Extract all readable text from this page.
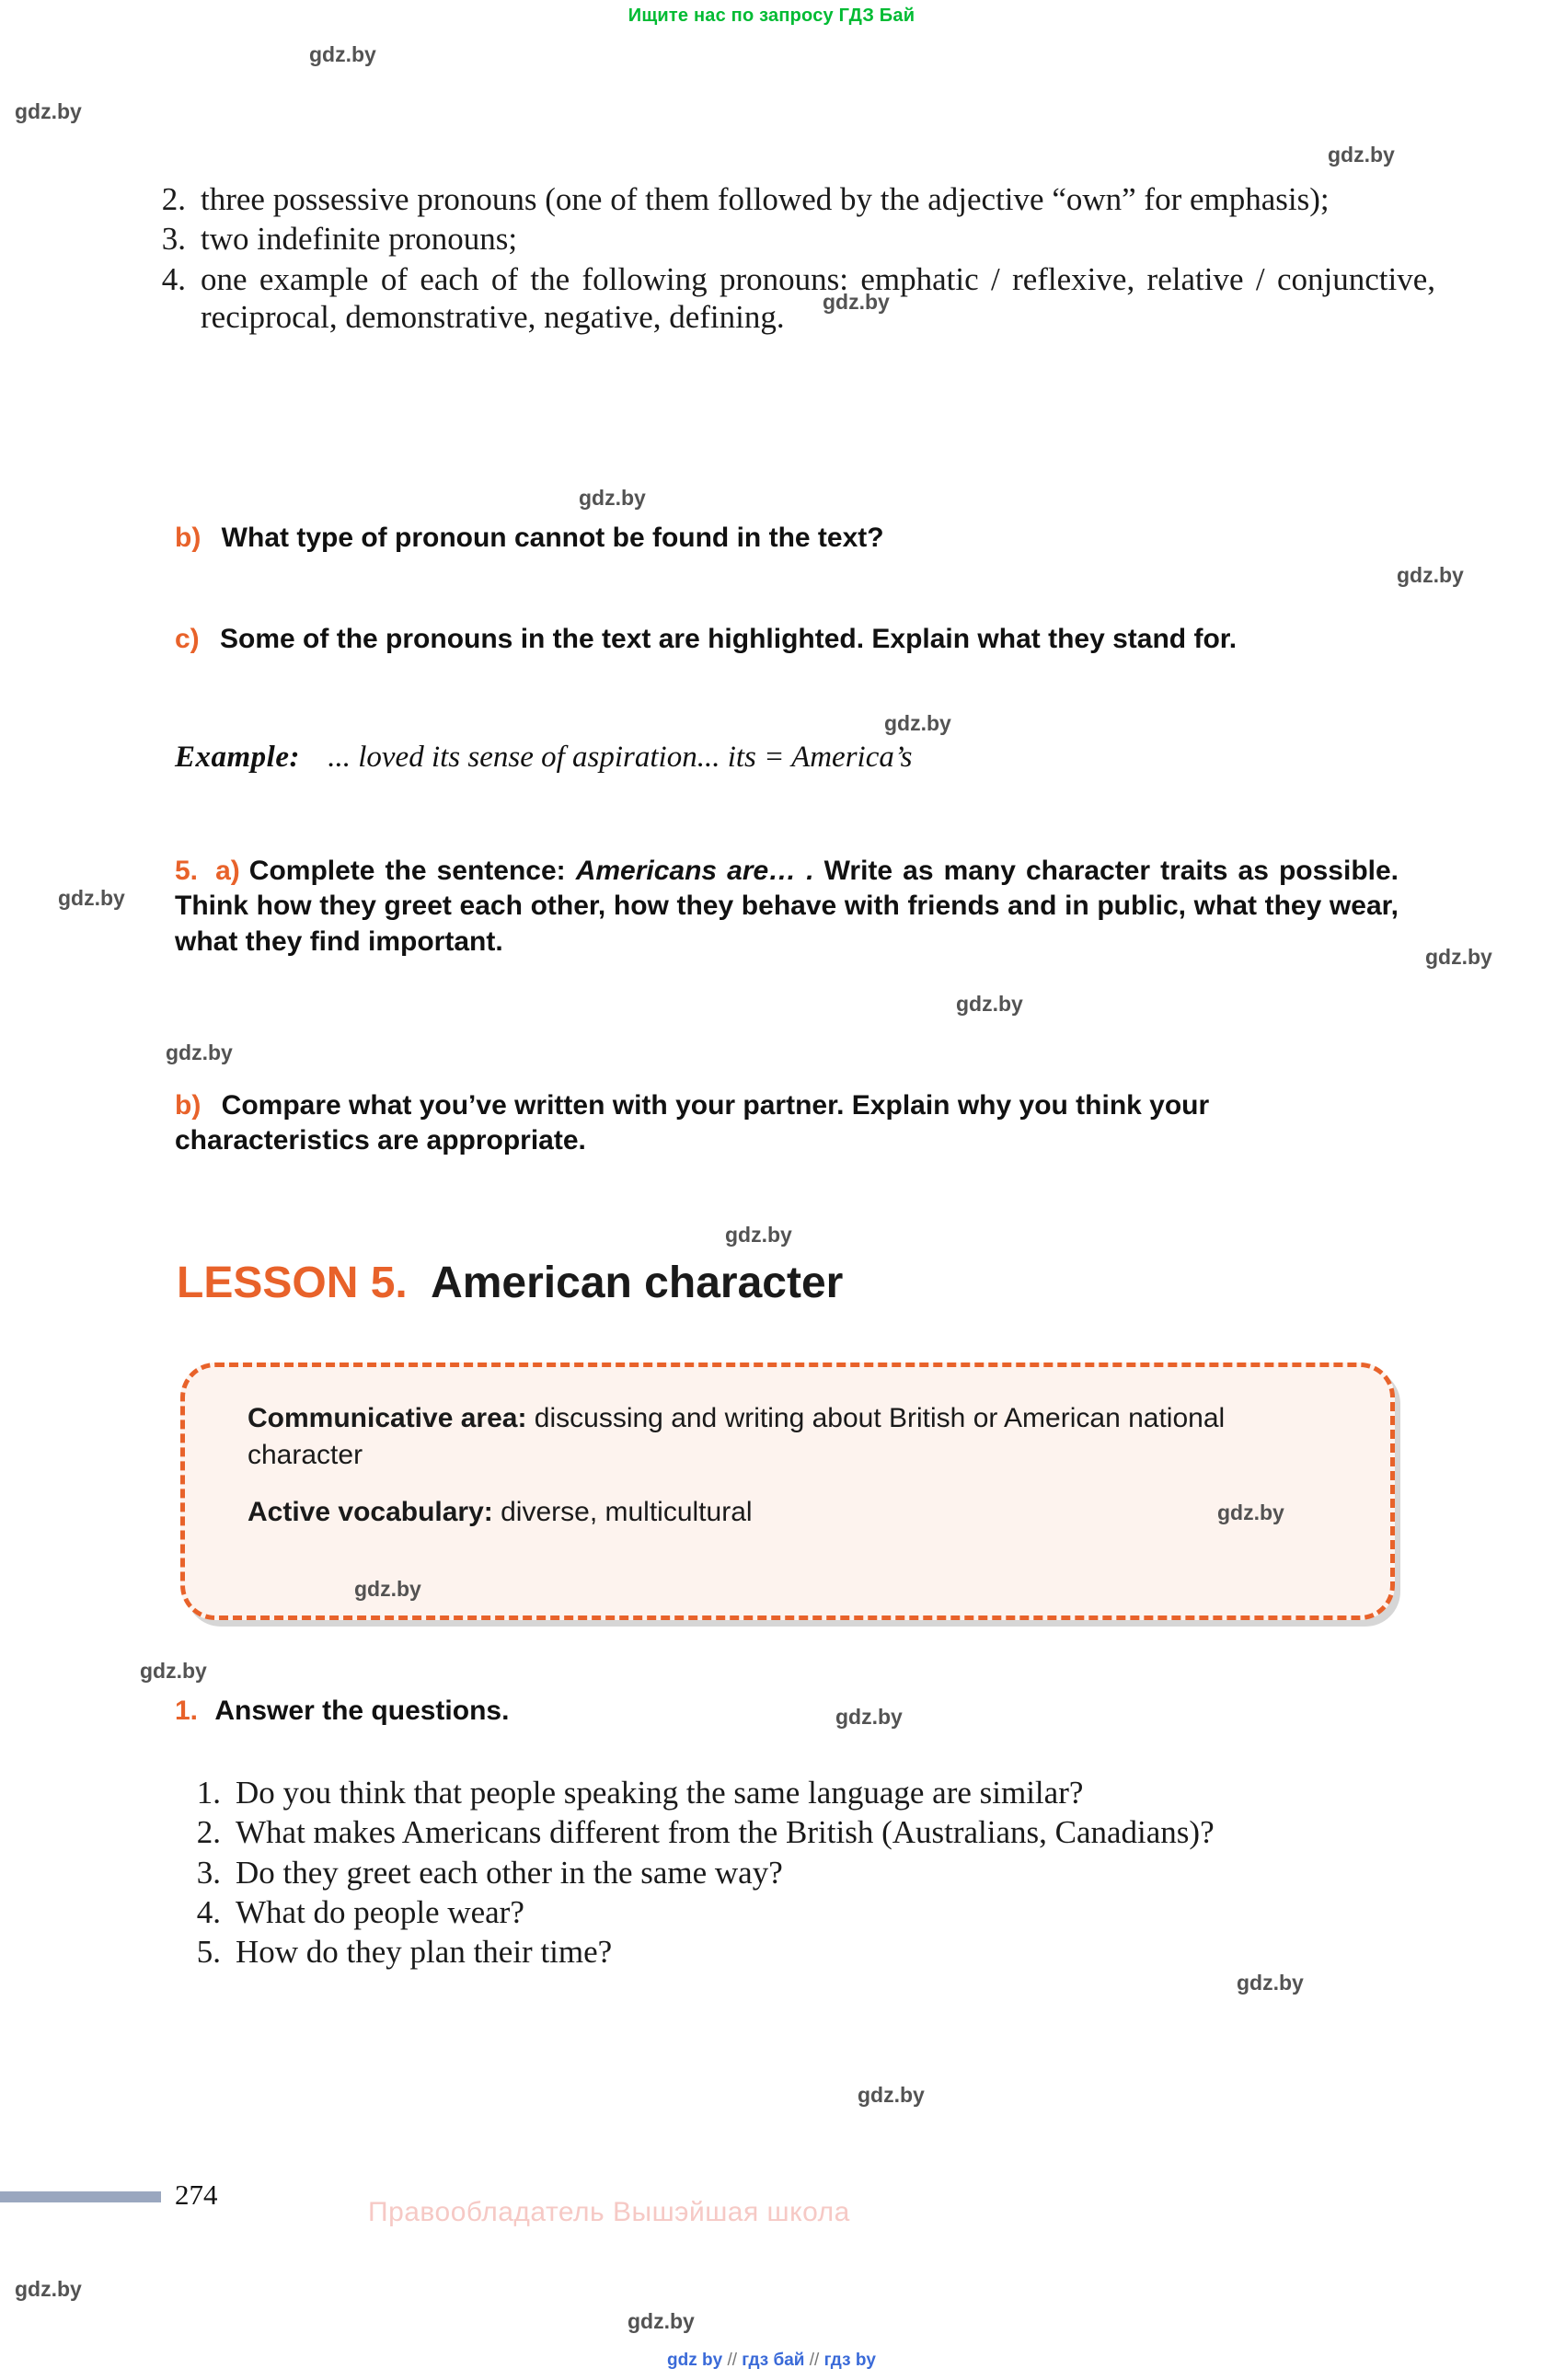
Ищите нас по запросу ГДЗ Бай
2. three possessive pronouns (one of them followed by the adjective “own” for emphasis);
3. two indefinite pronouns;
4. one example of each of the following pronouns: emphatic / reflexive, relative / conjunctive, reciprocal, demonstrative, negative, defining.
b) What type of pronoun cannot be found in the text?
c) Some of the pronouns in the text are highlighted. Explain what they stand for.
Example: ... loved its sense of aspiration... its = America’s
5. a) Complete the sentence: Americans are… . Write as many character traits as possible. Think how they greet each other, how they behave with friends and in public, what they wear, what they find important.
b) Compare what you’ve written with your partner. Explain why you think your characteristics are appropriate.
LESSON 5. American character
Communicative area: discussing and writing about British or American national character
Active vocabulary: diverse, multicultural
1. Answer the questions.
1. Do you think that people speaking the same language are similar?
2. What makes Americans different from the British (Australians, Canadians)?
3. Do they greet each other in the same way?
4. What do people wear?
5. How do they plan their time?
274
Правообладатель Вышэйшая школа
gdz by // гдз бай // гдз by
gdz.by
gdz.by
gdz.by
gdz.by
gdz.by
gdz.by
gdz.by
gdz.by
gdz.by
gdz.by
gdz.by
gdz.by
gdz.by
gdz.by
gdz.by
gdz.by
gdz.by
gdz.by
gdz.by
gdz.by
